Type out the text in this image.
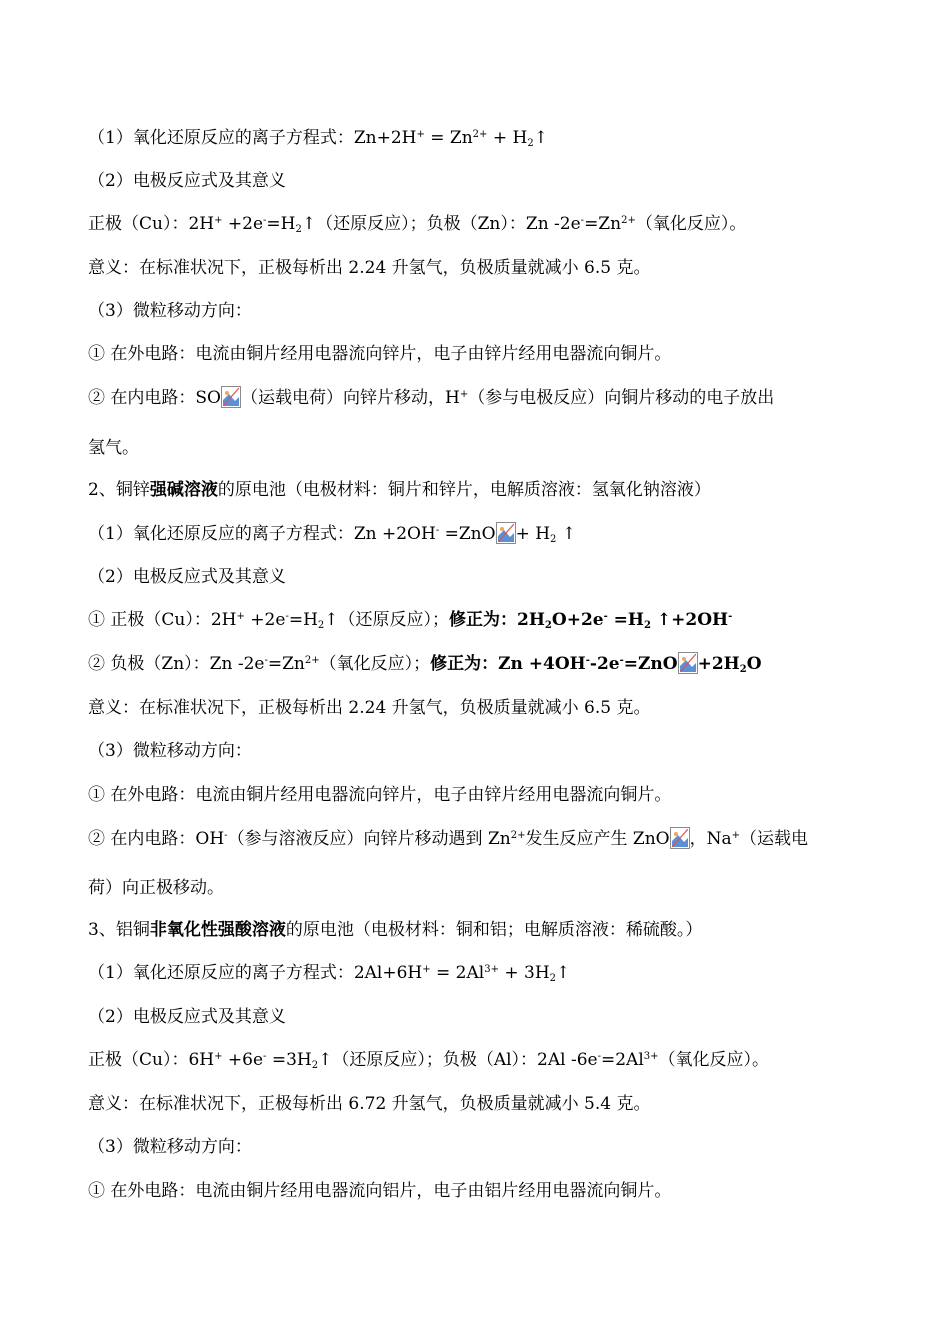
（1）氧化还原反应的离子方程式：$Zn+2H^+ = Zn^{2+}$ + $H_2↑$
（2）电极反应式及其意义
正极（Cu）：$2H^+ +2e^-=H_2↑$（还原反应）；负极（Zn）：Zn $-2e^-=Zn^{2+}$（氧化反应）。
意义：在标准状况下，正极每析出 2.24 升氢气，负极质量就减小 6.5 克。
（3）微粒移动方向：
① 在外电路：电流由铜片经用电器流向锌片，电子由锌片经用电器流向铜片。
② 在内电路：SO （运载电荷）向锌片移动，H+（参与电极反应）向铜片移动的电子放出
氢气。
2、铜锌强碱溶液的原电池（电极材料：铜片和锌片，电解质溶液：氢氧化钠溶液）
（1）氧化还原反应的离子方程式：$Zn +2OH^- =ZnO + H_2$ ↑
（2）电极反应式及其意义
① 正极（Cu）：$2H^+ +2e^-=H_2↑$（还原反应）；修正为：$2H_2O+2e^- =H_2$ ↑+2OH-
② 负极（Zn）：Zn $-2e^-=Zn^{2+}$（氧化反应）；修正为：$Zn +4OH^--2e^-=ZnO +2H_2O$
意义：在标准状况下，正极每析出 2.24 升氢气，负极质量就减小 6.5 克。
（3）微粒移动方向：
① 在外电路：电流由铜片经用电器流向锌片，电子由锌片经用电器流向铜片。
② 在内电路：OH-（参与溶液反应）向锌片移动遇到 $Zn^{2+}$发生反应产生 ZnO ，Na+（运载电
荷）向正极移动。
3、铝铜非氧化性强酸溶液的原电池（电极材料：铜和铝；电解质溶液：稀硫酸。）
（1）氧化还原反应的离子方程式：$2Al+6H^+ = 2Al^{3+}$ + $3H_2↑$
（2）电极反应式及其意义
正极（Cu）：$6H^+ +6e^- =3H_2↑$（还原反应）；负极（Al）：2Al $-6e^-=2Al^{3+}$（氧化反应）。
意义：在标准状况下，正极每析出 6.72 升氢气，负极质量就减小 5.4 克。
（3）微粒移动方向：
① 在外电路：电流由铜片经用电器流向铝片，电子由铝片经用电器流向铜片。
